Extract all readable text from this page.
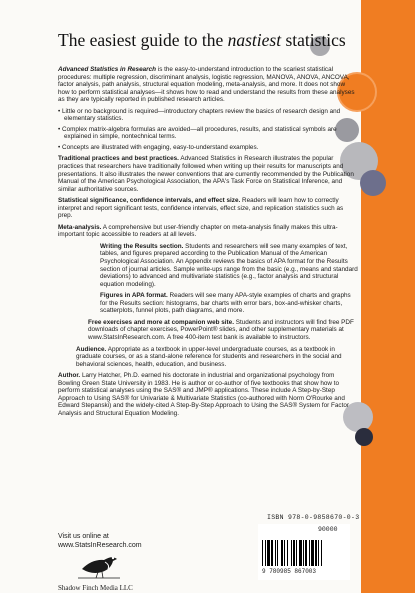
The easiest guide to the nastiest statistics

Advanced Statistics in Research is the easy-to-understand introduction to the scariest statistical procedures: multiple regression, discriminant analysis, logistic regression, MANOVA, ANOVA, ANCOVA, factor analysis, path analysis, structural equation modeling, meta-analysis, and more. It does not show how to perform statistical analyses—it shows how to read and understand the results from these analyses as they are typically reported in published research articles.

• Little or no background is required—introductory chapters review the basics of research design and elementary statistics.
• Complex matrix-algebra formulas are avoided—all procedures, results, and statistical symbols are explained in simple, nontechnical terms.
• Concepts are illustrated with engaging, easy-to-understand examples.

Traditional practices and best practices. Advanced Statistics in Research illustrates the popular practices that researchers have traditionally followed when writing up their results for manuscripts and presentations. It also illustrates the newer conventions that are currently recommended by the Publication Manual of the American Psychological Association, the APA's Task Force on Statistical Inference, and similar authoritative sources.

Statistical significance, confidence intervals, and effect size. Readers will learn how to correctly interpret and report significant tests, confidence intervals, effect size, and replication statistics such as prep.

Meta-analysis. A comprehensive but user-friendly chapter on meta-analysis finally makes this ultra-important topic accessible to readers at all levels.

Writing the Results section. Students and researchers will see many examples of text, tables, and figures prepared according to the Publication Manual of the American Psychological Association. An Appendix reviews the basics of APA format for the Results section of journal articles. Sample write-ups range from the basic (e.g., means and standard deviations) to advanced and multivariate statistics (e.g., factor analysis and structural equation modeling).

Figures in APA format. Readers will see many APA-style examples of charts and graphs for the Results section: histograms, bar charts with error bars, box-and-whisker charts, scatterplots, funnel plots, path diagrams, and more.

Free exercises and more at companion web site. Students and instructors will find free PDF downloads of chapter exercises, PowerPoint® slides, and other supplementary materials at www.StatsInResearch.com. A free 400-item test bank is available to instructors.

Audience. Appropriate as a textbook in upper-level undergraduate courses, as a textbook in graduate courses, or as a stand-alone reference for students and researchers in the social and behavioral sciences, health, education, and business.

Author. Larry Hatcher, Ph.D. earned his doctorate in industrial and organizational psychology from Bowling Green State University in 1983. He is author or co-author of five textbooks that show how to perform statistical analyses using the SAS® and JMP® applications. These include A Step-by-Step Approach to Using SAS® for Univariate & Multivariate Statistics (co-authored with Norm O'Rourke and Edward Stepanski) and the widely-cited A Step-By-Step Approach to Using the SAS® System for Factor Analysis and Structural Equation Modeling.

Visit us online at
www.StatsInResearch.com
Shadow Finch Media LLC
ISBN 978-0-9858670-0-3
90000
9 780985 867003
